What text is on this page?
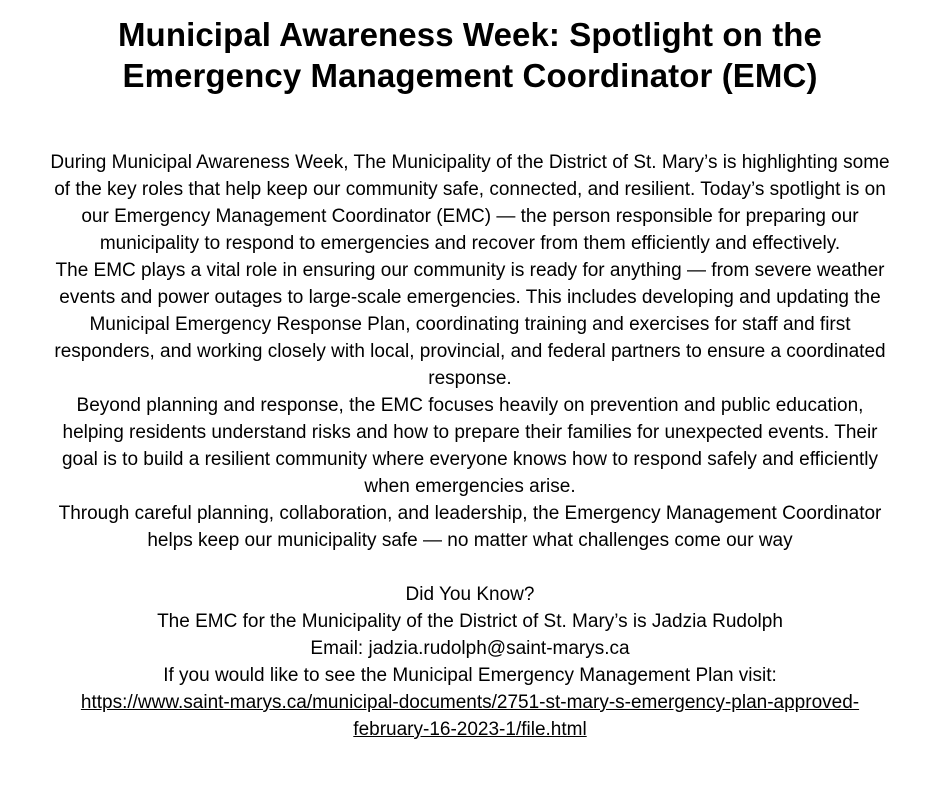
Municipal Awareness Week: Spotlight on the Emergency Management Coordinator (EMC)

During Municipal Awareness Week, The Municipality of the District of St. Mary’s is highlighting some of the key roles that help keep our community safe, connected, and resilient. Today’s spotlight is on our Emergency Management Coordinator (EMC) — the person responsible for preparing our municipality to respond to emergencies and recover from them efficiently and effectively.

The EMC plays a vital role in ensuring our community is ready for anything — from severe weather events and power outages to large-scale emergencies. This includes developing and updating the Municipal Emergency Response Plan, coordinating training and exercises for staff and first responders, and working closely with local, provincial, and federal partners to ensure a coordinated response.

Beyond planning and response, the EMC focuses heavily on prevention and public education, helping residents understand risks and how to prepare their families for unexpected events. Their goal is to build a resilient community where everyone knows how to respond safely and efficiently when emergencies arise.

Through careful planning, collaboration, and leadership, the Emergency Management Coordinator helps keep our municipality safe — no matter what challenges come our way

Did You Know?

The EMC for the Municipality of the District of St. Mary’s is Jadzia Rudolph

Email: jadzia.rudolph@saint-marys.ca

If you would like to see the Municipal Emergency Management Plan visit:

https://www.saint-marys.ca/municipal-documents/2751-st-mary-s-emergency-plan-approved-february-16-2023-1/file.html
